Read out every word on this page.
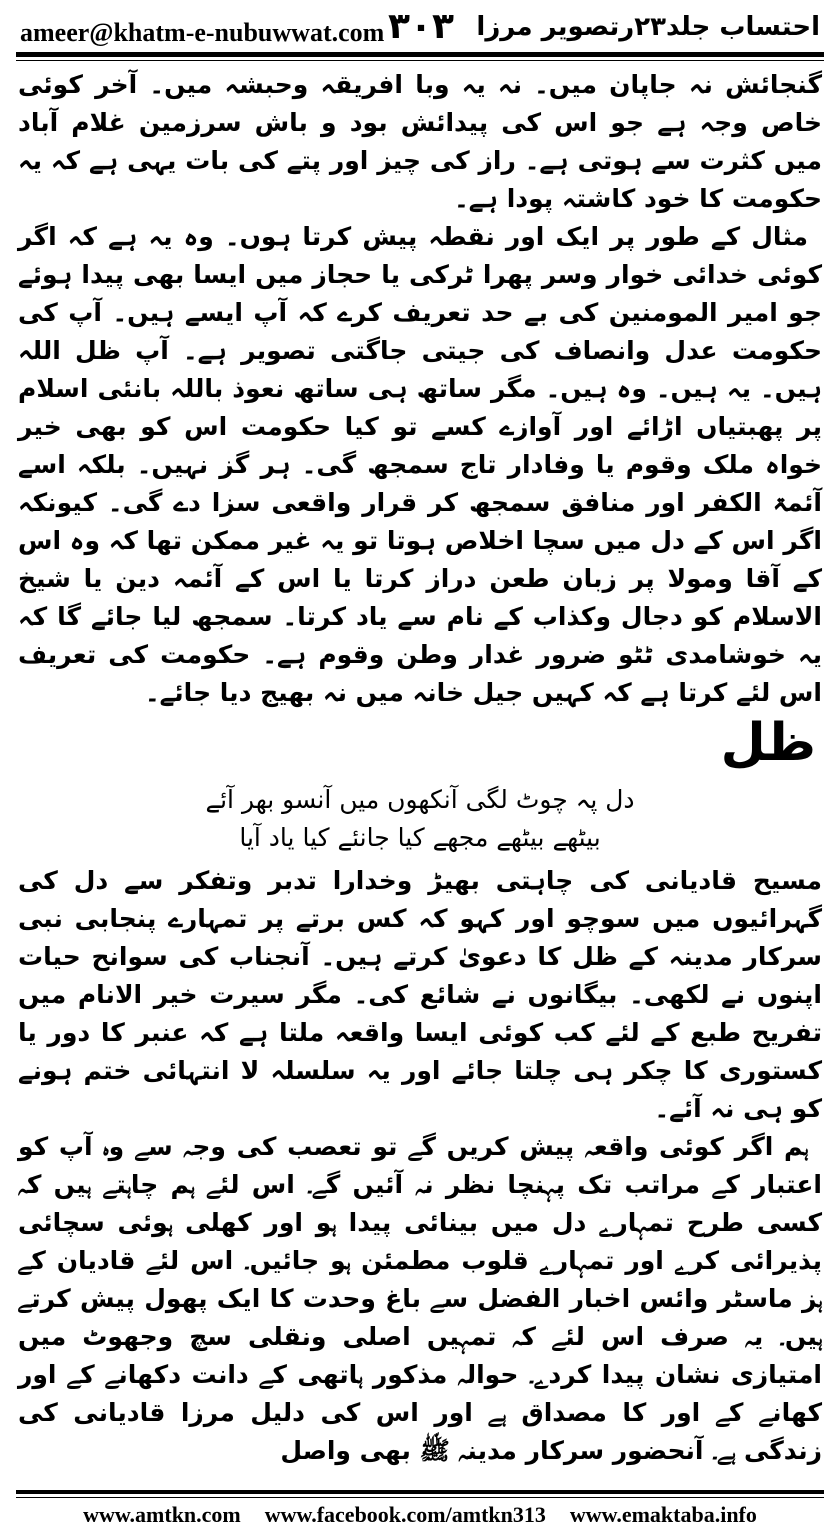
ameer@khatm-e-nubuwwat.com ۳۰۳ احتساب جلد۲۳رتصویر مرزا

گنجائش نہ جاپان میں۔ نہ یہ وبا افریقہ وحبشہ میں۔ آخر کوئی خاص وجہ ہے جو اس کی پیدائش بود و باش سرزمین غلام آباد میں کثرت سے ہوتی ہے۔ راز کی چیز اور پتے کی بات یہی ہے کہ یہ حکومت کا خود کاشتہ پودا ہے۔

مثال کے طور پر ایک اور نقطہ پیش کرتا ہوں۔ وہ یہ ہے کہ اگر کوئی خدائی خوار وسر پھرا ٹرکی یا حجاز میں ایسا بھی پیدا ہوئے جو امیر المومنین کی بے حد تعریف کرے کہ آپ ایسے ہیں۔ آپ کی حکومت عدل وانصاف کی جیتی جاگتی تصویر ہے۔ آپ ظل اللہ ہیں۔ یہ ہیں۔ وہ ہیں۔ مگر ساتھ ہی ساتھ نعوذ باللہ بانئی اسلام پر پھبتیاں اڑائے اور آوازے کسے تو کیا حکومت اس کو بھی خیر خواہ ملک وقوم یا وفادار تاج سمجھ گی۔ ہر گز نہیں۔ بلکہ اسے آئمۃ الکفر اور منافق سمجھ کر قرار واقعی سزا دے گی۔ کیونکہ اگر اس کے دل میں سچا اخلاص ہوتا تو یہ غیر ممکن تھا کہ وہ اس کے آقا ومولا پر زبان طعن دراز کرتا یا اس کے آئمہ دین یا شیخ الاسلام کو دجال وکذاب کے نام سے یاد کرتا۔ سمجھ لیا جائے گا کہ یہ خوشامدی ٹٹو ضرور غدار وطن وقوم ہے۔ حکومت کی تعریف اس لئے کرتا ہے کہ کہیں جیل خانہ میں نہ بھیج دیا جائے۔

ظل
دل پہ چوٹ لگی آنکھوں میں آنسو بھر آئے
بیٹھے بیٹھے مجھے کیا جانئے کیا یاد آیا

مسیح قادیانی کی چاہتی بھیڑ وخدارا تدبر وتفکر سے دل کی گہرائیوں میں سوچو اور کہو کہ کس برتے پر تمہارے پنجابی نبی سرکار مدینہ کے ظل کا دعویٰ کرتے ہیں۔ آنجناب کی سوانح حیات اپنوں نے لکھی۔ بیگانوں نے شائع کی۔ مگر سیرت خیر الانام میں تفریح طبع کے لئے کب کوئی ایسا واقعہ ملتا ہے کہ عنبر کا دور یا کستوری کا چکر ہی چلتا جائے اور یہ سلسلہ لا انتہائی ختم ہونے کو ہی نہ آئے۔

ہم اگر کوئی واقعہ پیش کریں گے تو تعصب کی وجہ سے وہ آپ کو اعتبار کے مراتب تک پہنچا نظر نہ آئیں گے۔ اس لئے ہم چاہتے ہیں کہ کسی طرح تمہارے دل میں بینائی پیدا ہو اور کھلی ہوئی سچائی پذیرائی کرے اور تمہارے قلوب مطمئن ہو جائیں۔ اس لئے قادیان کے ہز ماسٹر وائس اخبار الفضل سے باغ وحدت کا ایک پھول پیش کرتے ہیں۔ یہ صرف اس لئے کہ تمہیں اصلی ونقلی سچ وجھوٹ میں امتیازی نشان پیدا کردے۔ حوالہ مذکور ہاتھی کے دانت دکھانے کے اور کھانے کے اور کا مصداق ہے اور اس کی دلیل مرزا قادیانی کی زندگی ہے۔ آنحضور سرکار مدینہ ﷺ بھی واصل

www.amtkn.com www.facebook.com/amtkn313 www.emaktaba.info
